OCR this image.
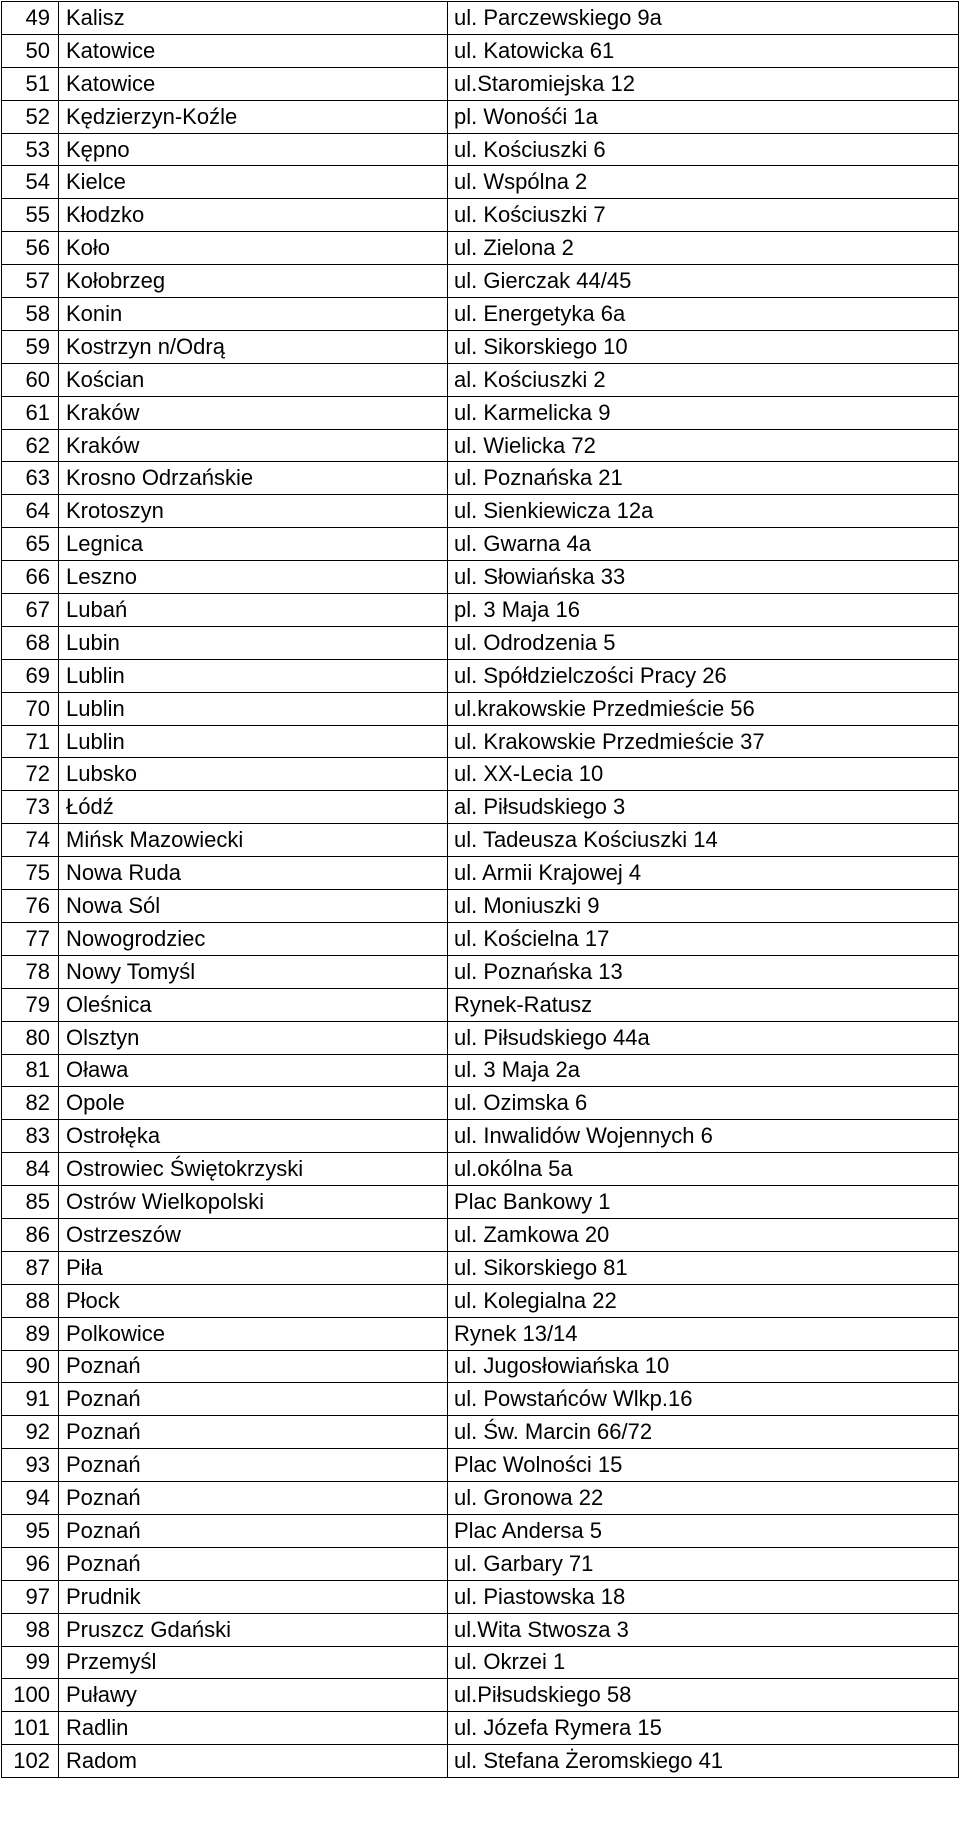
49	Kalisz	ul. Parczewskiego 9a
50	Katowice	ul. Katowicka 61
51	Katowice	ul.Staromiejska 12
52	Kędzierzyn-Koźle	pl. Wonośći 1a
53	Kępno	ul. Kościuszki 6
54	Kielce	ul. Wspólna 2
55	Kłodzko	ul. Kościuszki 7
56	Koło	ul. Zielona 2
57	Kołobrzeg	ul. Gierczak 44/45
58	Konin	ul. Energetyka 6a
59	Kostrzyn n/Odrą	ul. Sikorskiego 10
60	Kościan	al. Kościuszki 2
61	Kraków	ul. Karmelicka 9
62	Kraków	ul. Wielicka 72
63	Krosno Odrzańskie	ul. Poznańska 21
64	Krotoszyn	ul. Sienkiewicza 12a
65	Legnica	ul. Gwarna 4a
66	Leszno	ul. Słowiańska 33
67	Lubań	pl. 3 Maja 16
68	Lubin	ul. Odrodzenia 5
69	Lublin	ul. Spółdzielczości Pracy 26
70	Lublin	ul.krakowskie Przedmieście 56
71	Lublin	ul. Krakowskie Przedmieście 37
72	Lubsko	ul. XX-Lecia 10
73	Łódź	al. Piłsudskiego 3
74	Mińsk Mazowiecki	ul. Tadeusza Kościuszki 14
75	Nowa Ruda	ul. Armii Krajowej 4
76	Nowa Sól	ul. Moniuszki 9
77	Nowogrodziec	ul. Kościelna 17
78	Nowy Tomyśl	ul. Poznańska 13
79	Oleśnica	Rynek-Ratusz
80	Olsztyn	ul. Piłsudskiego 44a
81	Oława	ul. 3 Maja 2a
82	Opole	ul. Ozimska 6
83	Ostrołęka	ul. Inwalidów Wojennych 6
84	Ostrowiec Świętokrzyski	ul.okólna 5a
85	Ostrów Wielkopolski	Plac Bankowy 1
86	Ostrzeszów	ul. Zamkowa 20
87	Piła	ul. Sikorskiego 81
88	Płock	ul. Kolegialna 22
89	Polkowice	Rynek 13/14
90	Poznań	ul. Jugosłowiańska 10
91	Poznań	ul. Powstańców Wlkp.16
92	Poznań	ul. Św. Marcin 66/72
93	Poznań	Plac Wolności 15
94	Poznań	ul. Gronowa 22
95	Poznań	Plac Andersa 5
96	Poznań	ul. Garbary 71
97	Prudnik	ul. Piastowska 18
98	Pruszcz Gdański	ul.Wita Stwosza 3
99	Przemyśl	ul. Okrzei 1
100	Puławy	ul.Piłsudskiego 58
101	Radlin	ul. Józefa Rymera 15
102	Radom	ul. Stefana Żeromskiego 41
